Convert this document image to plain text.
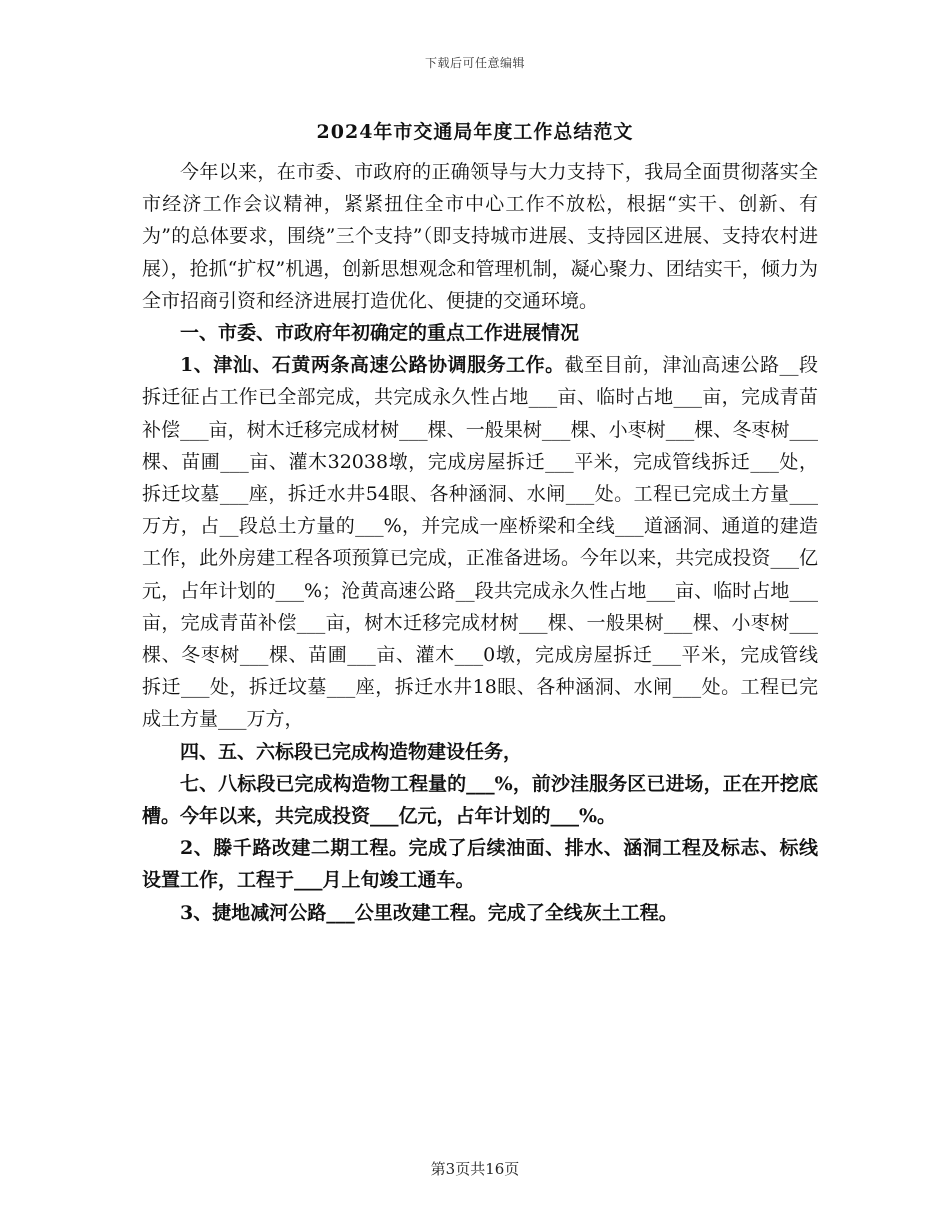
下载后可任意编辑
2024年市交通局年度工作总结范文

今年以来，在市委、市政府的正确领导与大力支持下，我局全面贯彻落实全市经济工作会议精神，紧紧扭住全市中心工作不放松，根据“实干、创新、有为”的总体要求，围绕”三个支持”（即支持城市进展、支持园区进展、支持农村进展），抢抓“扩权”机遇，创新思想观念和管理机制，凝心聚力、团结实干，倾力为全市招商引资和经济进展打造优化、便捷的交通环境。

一、市委、市政府年初确定的重点工作进展情况

1、津汕、石黄两条高速公路协调服务工作。截至目前，津汕高速公路__段拆迁征占工作已全部完成，共完成永久性占地___亩、临时占地___亩，完成青苗补偿___亩，树木迁移完成材树___棵、一般果树___棵、小枣树___棵、冬枣树___棵、苗圃___亩、灌木32038墩，完成房屋拆迁___平米，完成管线拆迁___处，拆迁坟墓___座，拆迁水井54眼、各种涵洞、水闸___处。工程已完成土方量___万方，占__段总土方量的___%，并完成一座桥梁和全线___道涵洞、通道的建造工作，此外房建工程各项预算已完成，正准备进场。今年以来，共完成投资___亿元，占年计划的___%；沧黄高速公路__段共完成永久性占地___亩、临时占地___亩，完成青苗补偿___亩，树木迁移完成材树___棵、一般果树___棵、小枣树___棵、冬枣树___棵、苗圃___亩、灌木___0墩，完成房屋拆迁___平米，完成管线拆迁___处，拆迁坟墓___座，拆迁水井18眼、各种涵洞、水闸___处。工程已完成土方量___万方，

四、五、六标段已完成构造物建设任务，

七、八标段已完成构造物工程量的___%，前沙洼服务区已进场，正在开挖底槽。今年以来，共完成投资___亿元，占年计划的___%。

2、滕千路改建二期工程。完成了后续油面、排水、涵洞工程及标志、标线设置工作，工程于___月上旬竣工通车。

3、捷地减河公路___公里改建工程。完成了全线灰土工程。

第3页共16页
